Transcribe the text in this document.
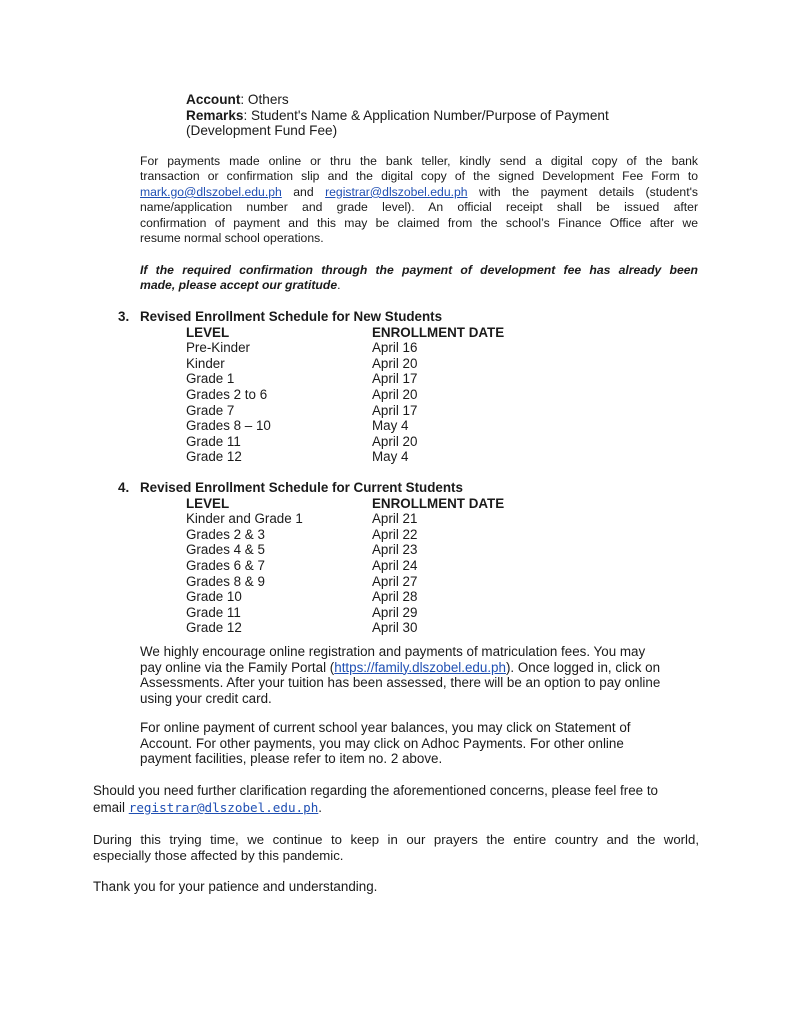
Account: Others
Remarks: Student's Name & Application Number/Purpose of Payment
(Development Fund Fee)
For payments made online or thru the bank teller, kindly send a digital copy of the bank
transaction or confirmation slip and the digital copy of the signed Development Fee Form to
mark.go@dlszobel.edu.ph and registrar@dlszobel.edu.ph with the payment details (student's
name/application number and grade level). An official receipt shall be issued after
confirmation of payment and this may be claimed from the school’s Finance Office after we
resume normal school operations.
If the required confirmation through the payment of development fee has already been
made, please accept our gratitude.
3. Revised Enrollment Schedule for New Students
LEVEL	ENROLLMENT DATE
Pre-Kinder	April 16
Kinder	April 20
Grade 1	April 17
Grades 2 to 6	April 20
Grade 7	April 17
Grades 8 – 10	May 4
Grade 11	April 20
Grade 12	May 4
4. Revised Enrollment Schedule for Current Students
LEVEL	ENROLLMENT DATE
Kinder and Grade 1	April 21
Grades 2 & 3	April 22
Grades 4 & 5	April 23
Grades 6 & 7	April 24
Grades 8 & 9	April 27
Grade 10	April 28
Grade 11	April 29
Grade 12	April 30
We highly encourage online registration and payments of matriculation fees. You may
pay online via the Family Portal (https://family.dlszobel.edu.ph). Once logged in, click on
Assessments. After your tuition has been assessed, there will be an option to pay online
using your credit card.
For online payment of current school year balances, you may click on Statement of
Account. For other payments, you may click on Adhoc Payments. For other online
payment facilities, please refer to item no. 2 above.
Should you need further clarification regarding the aforementioned concerns, please feel free to
email registrar@dlszobel.edu.ph.
During this trying time, we continue to keep in our prayers the entire country and the world,
especially those affected by this pandemic.
Thank you for your patience and understanding.
